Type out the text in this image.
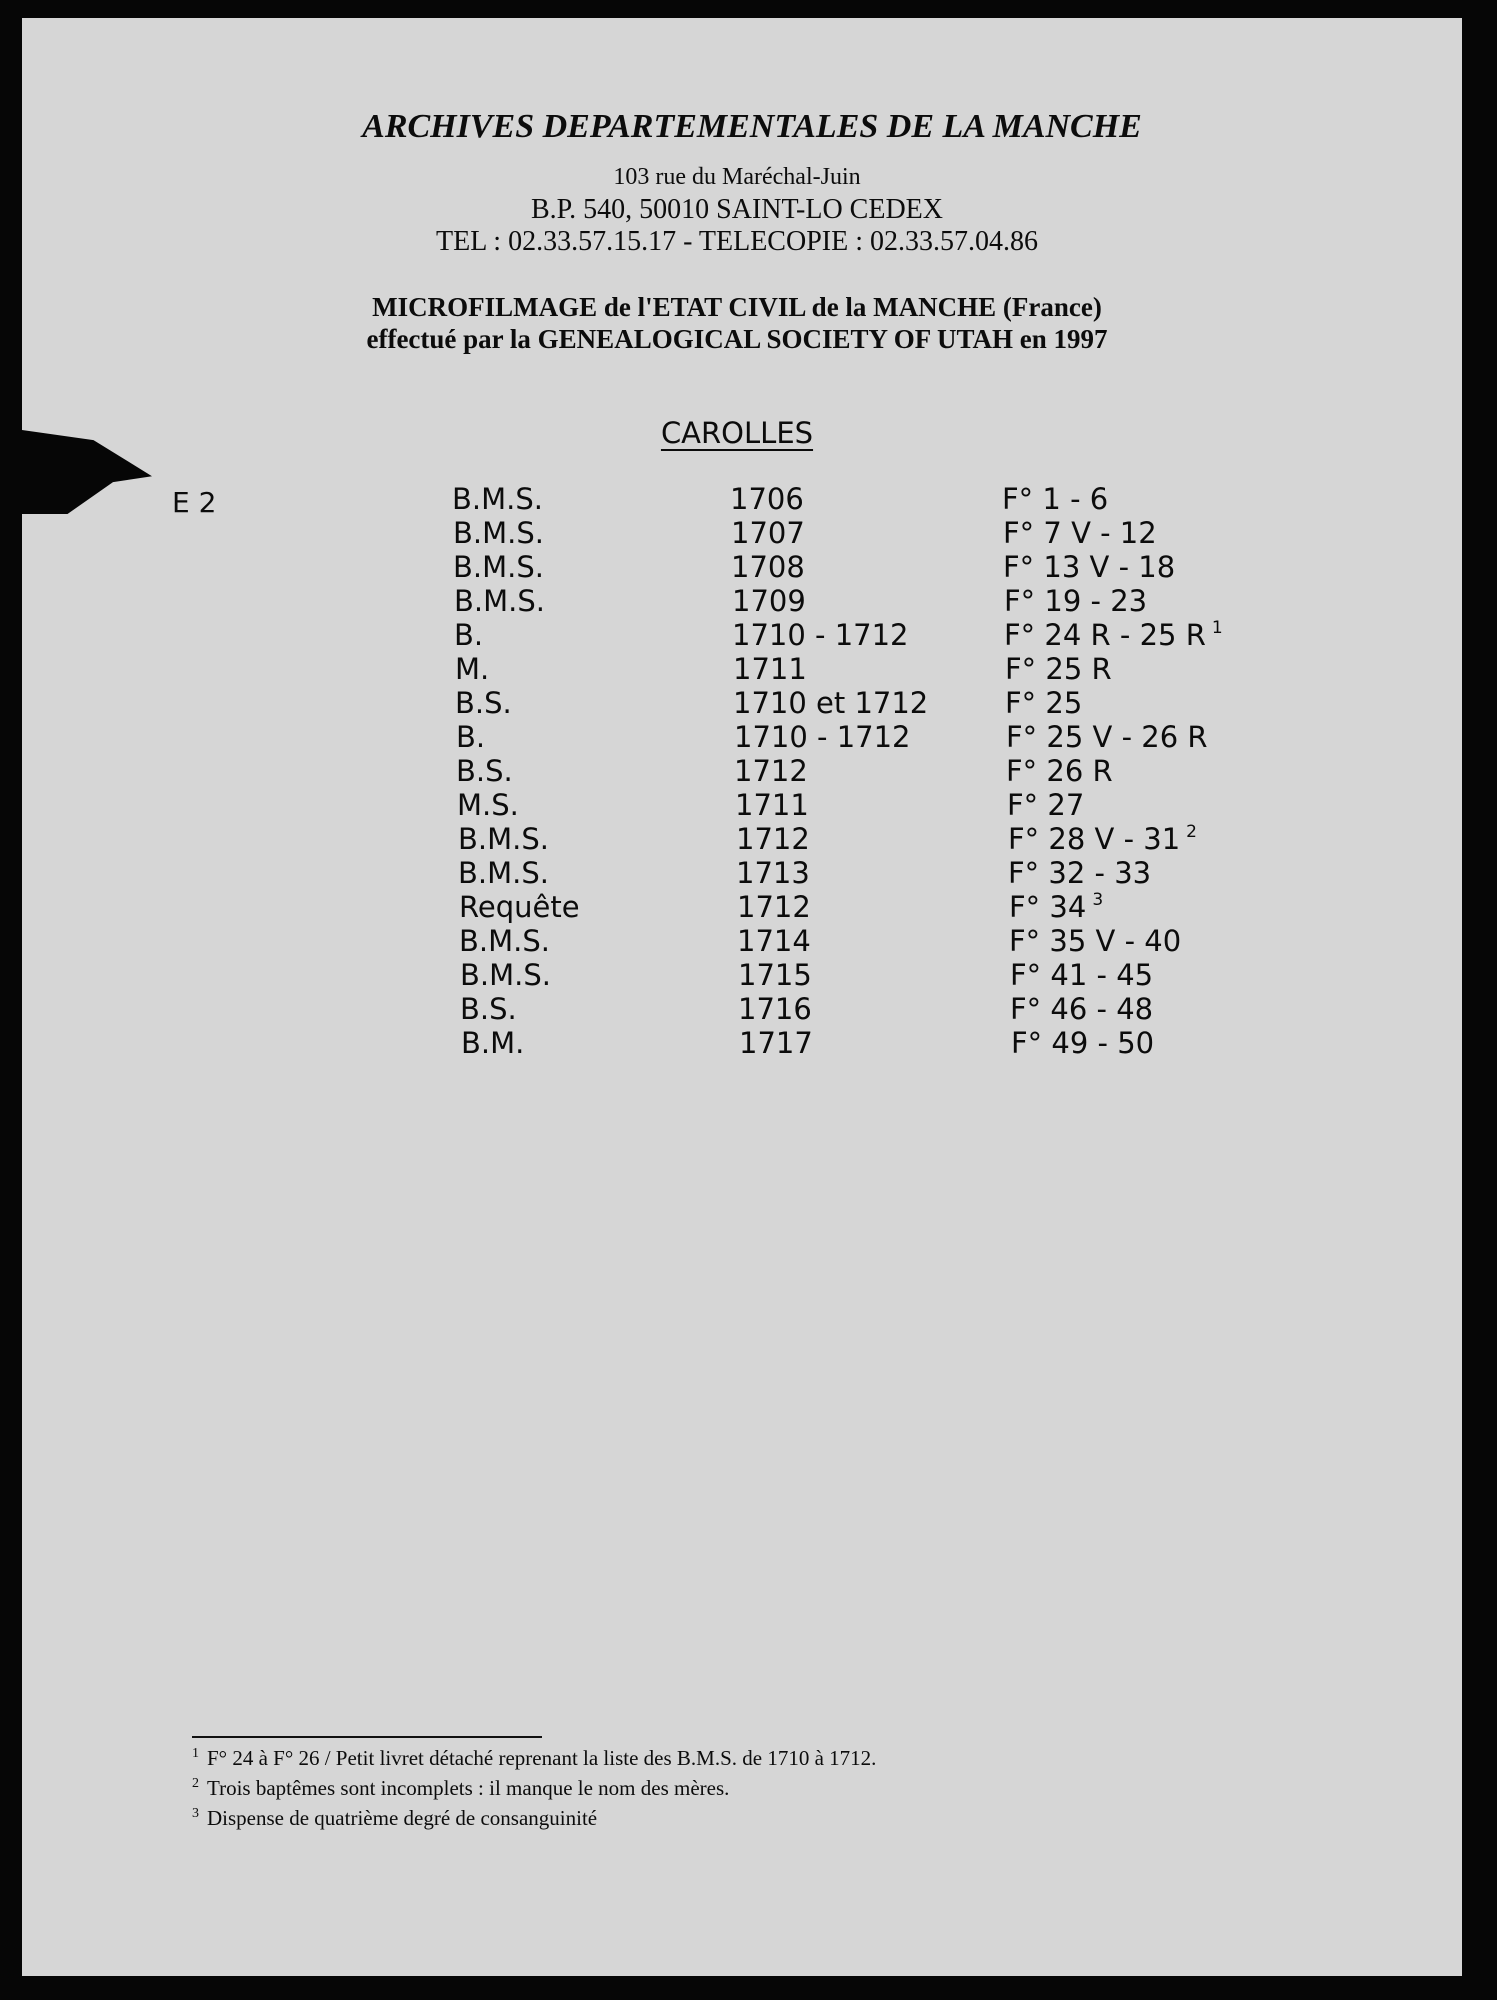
ARCHIVES DEPARTEMENTALES DE LA MANCHE
103 rue du Maréchal-Juin
B.P. 540, 50010 SAINT-LO CEDEX
TEL : 02.33.57.15.17 - TELECOPIE : 02.33.57.04.86
MICROFILMAGE de l'ETAT CIVIL de la MANCHE (France)
effectué par la GENEALOGICAL SOCIETY OF UTAH en 1997
CAROLLES
E 2	B.M.S.	1706	F° 1 - 6
B.M.S.	1707	F° 7 V - 12
B.M.S.	1708	F° 13 V - 18
B.M.S.	1709	F° 19 - 23
B.	1710 - 1712	F° 24 R - 25 R $^1$
M.	1711	F° 25 R
B.S.	1710 et 1712	F° 25
B.	1710 - 1712	F° 25 V - 26 R
B.S.	1712	F° 26 R
M.S.	1711	F° 27
B.M.S.	1712	F° 28 V - 31 $^2$
B.M.S.	1713	F° 32 - 33
Requête	1712	F° 34 $^3$
B.M.S.	1714	F° 35 V - 40
B.M.S.	1715	F° 41 - 45
B.S.	1716	F° 46 - 48
B.M.	1717	F° 49 - 50
$^1$ F° 24 à F° 26 / Petit livret détaché reprenant la liste des B.M.S. de 1710 à 1712.
$^2$ Trois baptêmes sont incomplets : il manque le nom des mères.
$^3$ Dispense de quatrième degré de consanguinité
